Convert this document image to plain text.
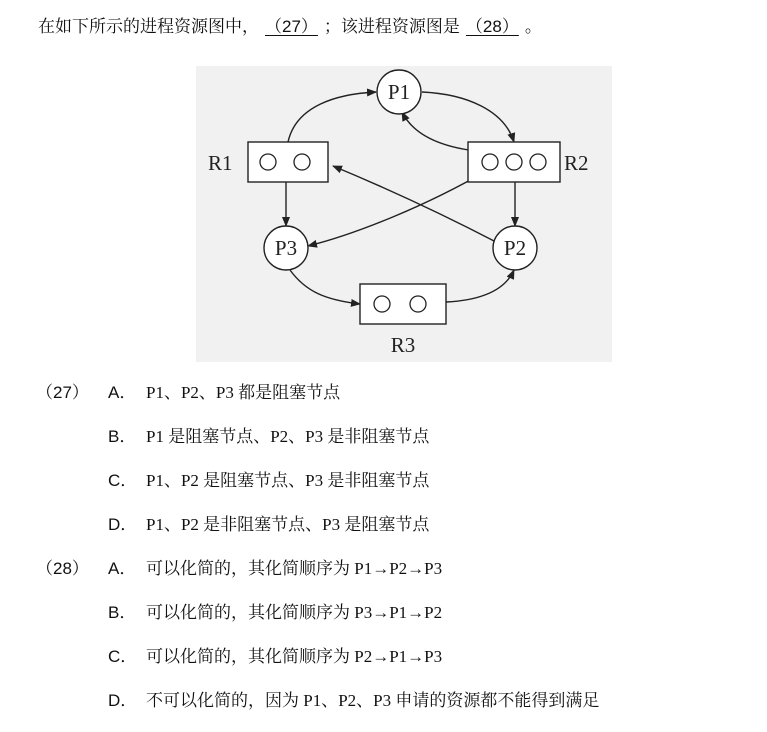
在如下所示的进程资源图中， （27） ；该进程资源图是 （28） 。
P1
P3	P2
R1	R2
R3
（27）	A． P1、P2、P3 都是阻塞节点
B． P1 是阻塞节点、P2、P3 是非阻塞节点
C． P1、P2 是阻塞节点、P3 是非阻塞节点
D． P1、P2 是非阻塞节点、P3 是阻塞节点
（28）	A． 可以化简的，其化简顺序为 P1→P2→P3
B． 可以化简的，其化简顺序为 P3→P1→P2
C． 可以化简的，其化简顺序为 P2→P1→P3
D． 不可以化简的，因为 P1、P2、P3 申请的资源都不能得到满足
